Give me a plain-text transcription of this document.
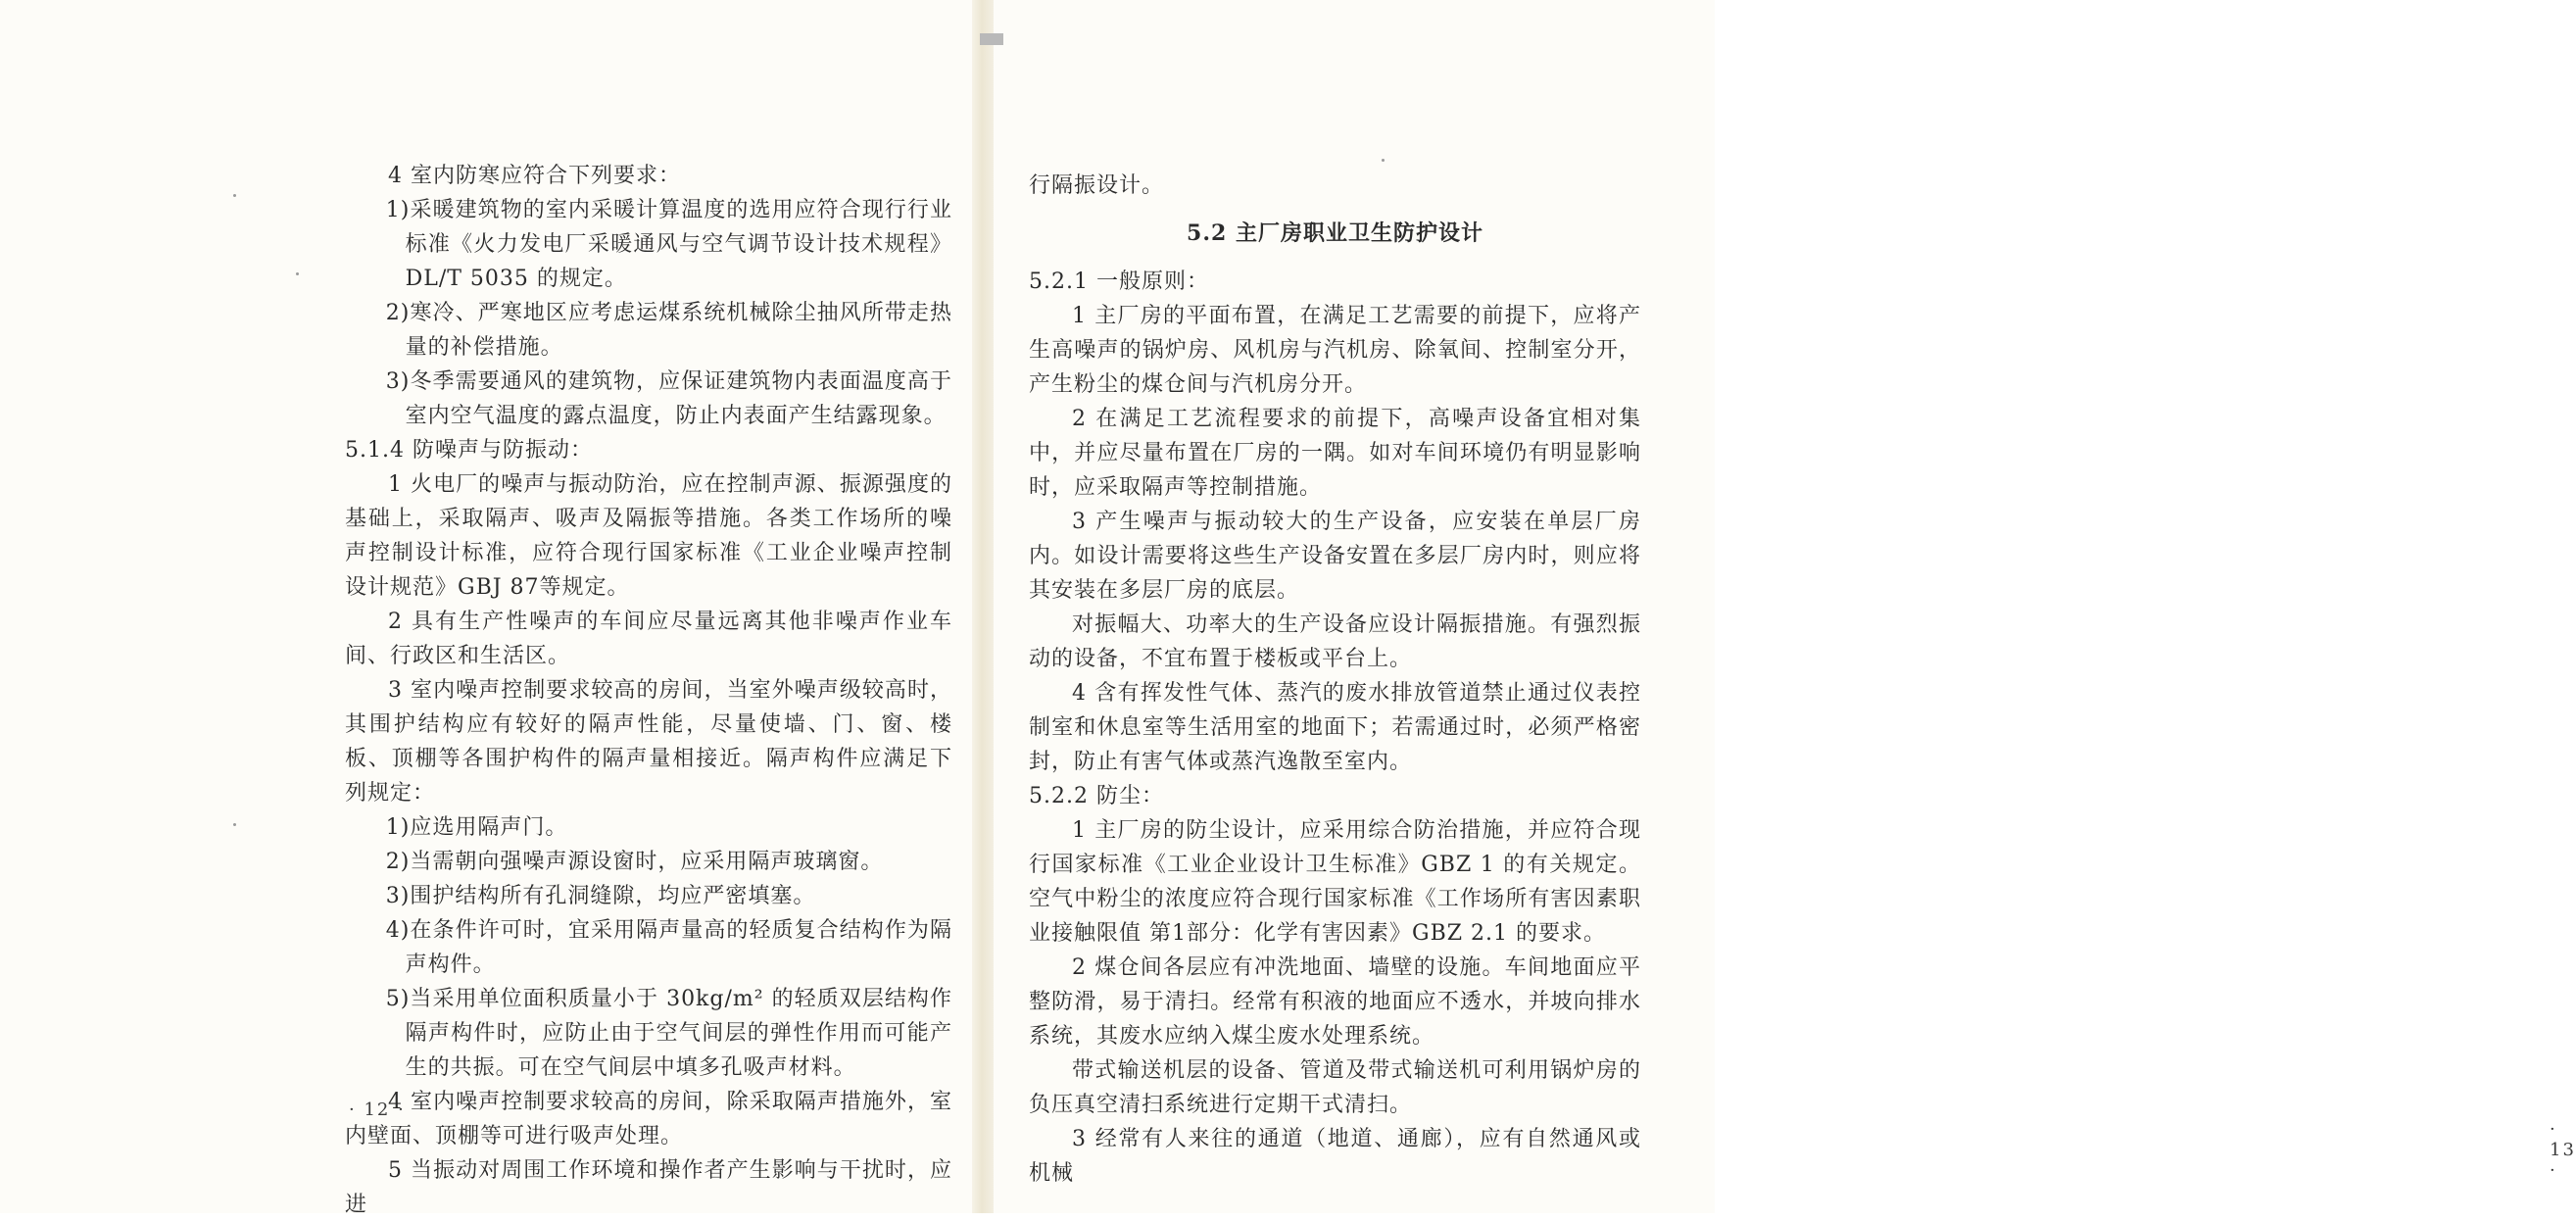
4 室内防寒应符合下列要求：

1)采暖建筑物的室内采暖计算温度的选用应符合现行行业标准《火力发电厂采暖通风与空气调节设计技术规程》DL/T 5035 的规定。

2)寒冷、严寒地区应考虑运煤系统机械除尘抽风所带走热量的补偿措施。

3)冬季需要通风的建筑物，应保证建筑物内表面温度高于室内空气温度的露点温度，防止内表面产生结露现象。

5.1.4 防噪声与防振动：

1 火电厂的噪声与振动防治，应在控制声源、振源强度的基础上，采取隔声、吸声及隔振等措施。各类工作场所的噪声控制设计标准，应符合现行国家标准《工业企业噪声控制设计规范》GBJ 87等规定。

2 具有生产性噪声的车间应尽量远离其他非噪声作业车间、行政区和生活区。

3 室内噪声控制要求较高的房间，当室外噪声级较高时，其围护结构应有较好的隔声性能，尽量使墙、门、窗、楼板、顶棚等各围护构件的隔声量相接近。隔声构件应满足下列规定：

1)应选用隔声门。

2)当需朝向强噪声源设窗时，应采用隔声玻璃窗。

3)围护结构所有孔洞缝隙，均应严密填塞。

4)在条件许可时，宜采用隔声量高的轻质复合结构作为隔声构件。

5)当采用单位面积质量小于 30kg/m² 的轻质双层结构作隔声构件时，应防止由于空气间层的弹性作用而可能产生的共振。可在空气间层中填多孔吸声材料。

4 室内噪声控制要求较高的房间，除采取隔声措施外，室内壁面、顶棚等可进行吸声处理。

5 当振动对周围工作环境和操作者产生影响与干扰时，应进

· 12 ·

行隔振设计。

5.2 主厂房职业卫生防护设计

5.2.1 一般原则：

1 主厂房的平面布置，在满足工艺需要的前提下，应将产生高噪声的锅炉房、风机房与汽机房、除氧间、控制室分开，产生粉尘的煤仓间与汽机房分开。

2 在满足工艺流程要求的前提下，高噪声设备宜相对集中，并应尽量布置在厂房的一隅。如对车间环境仍有明显影响时，应采取隔声等控制措施。

3 产生噪声与振动较大的生产设备，应安装在单层厂房内。如设计需要将这些生产设备安置在多层厂房内时，则应将其安装在多层厂房的底层。

对振幅大、功率大的生产设备应设计隔振措施。有强烈振动的设备，不宜布置于楼板或平台上。

4 含有挥发性气体、蒸汽的废水排放管道禁止通过仪表控制室和休息室等生活用室的地面下；若需通过时，必须严格密封，防止有害气体或蒸汽逸散至室内。

5.2.2 防尘：

1 主厂房的防尘设计，应采用综合防治措施，并应符合现行国家标准《工业企业设计卫生标准》GBZ 1 的有关规定。空气中粉尘的浓度应符合现行国家标准《工作场所有害因素职业接触限值 第1部分：化学有害因素》GBZ 2.1 的要求。

2 煤仓间各层应有冲洗地面、墙壁的设施。车间地面应平整防滑，易于清扫。经常有积液的地面应不透水，并坡向排水系统，其废水应纳入煤尘废水处理系统。

带式输送机层的设备、管道及带式输送机可利用锅炉房的负压真空清扫系统进行定期干式清扫。

3 经常有人来往的通道（地道、通廊），应有自然通风或机械

· 13 ·
